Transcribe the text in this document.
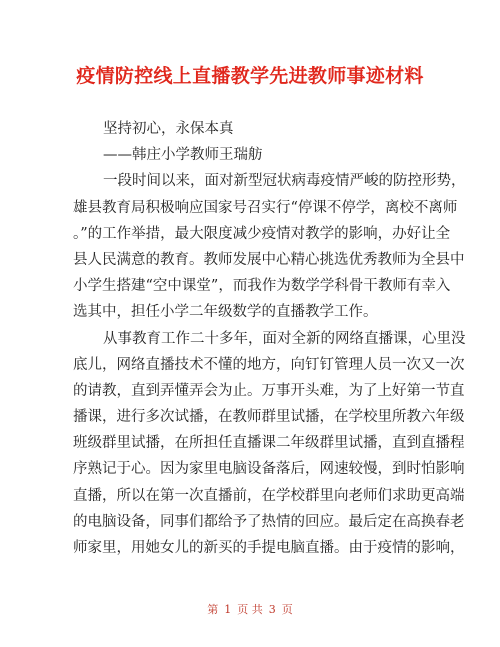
疫情防控线上直播教学先进教师事迹材料
坚持初心，永保本真
——韩庄小学教师王瑞舫
一段时间以来，面对新型冠状病毒疫情严峻的防控形势，
雄县教育局积极响应国家号召实行“停课不停学，离校不离师
。”的工作举措，最大限度减少疫情对教学的影响，办好让全
县人民满意的教育。教师发展中心精心挑选优秀教师为全县中
小学生搭建“空中课堂”，而我作为数学学科骨干教师有幸入
选其中，担任小学二年级数学的直播教学工作。
从事教育工作二十多年，面对全新的网络直播课，心里没
底儿，网络直播技术不懂的地方，向钉钉管理人员一次又一次
的请教，直到弄懂弄会为止。万事开头难，为了上好第一节直
播课，进行多次试播，在教师群里试播，在学校里所教六年级
班级群里试播，在所担任直播课二年级群里试播，直到直播程
序熟记于心。因为家里电脑设备落后，网速较慢，到时怕影响
直播，所以在第一次直播前，在学校群里向老师们求助更高端
的电脑设备，同事们都给予了热情的回应。最后定在高换春老
师家里，用她女儿的新买的手提电脑直播。由于疫情的影响，
第 1 页 共 3 页
